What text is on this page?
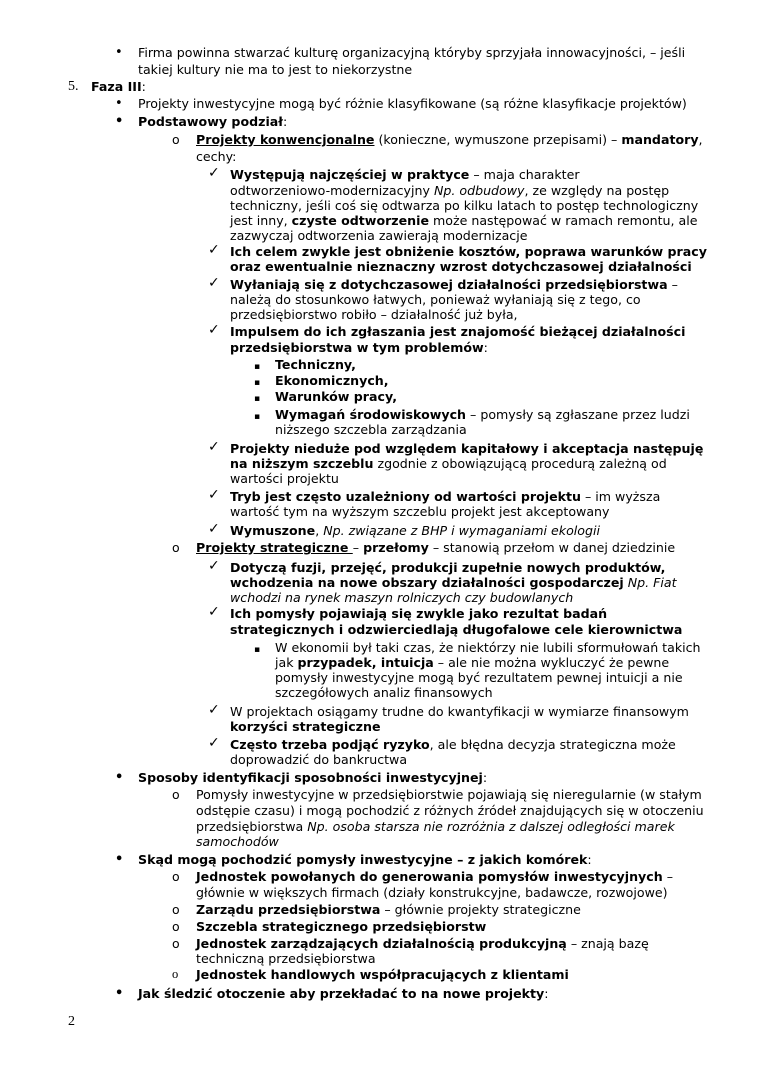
• Firma powinna stwarzać kulturę organizacyjną któryby sprzyjała innowacyjności, – jeśli
takiej kultury nie ma to jest to niekorzystne
5. Faza III:
• Projekty inwestycyjne mogą być różnie klasyfikowane (są różne klasyfikacje projektów)
• Podstawowy podział:
o Projekty konwencjonalne (konieczne, wymuszone przepisami) – mandatory,
cechy:
✓ Występują najczęściej w praktyce – maja charakter
odtworzeniowo-modernizacyjny Np. odbudowy, ze względy na postęp
techniczny, jeśli coś się odtwarza po kilku latach to postęp technologiczny
jest inny, czyste odtworzenie może następować w ramach remontu, ale
zazwyczaj odtworzenia zawierają modernizacje
✓ Ich celem zwykle jest obniżenie kosztów, poprawa warunków pracy
oraz ewentualnie nieznaczny wzrost dotychczasowej działalności
✓ Wyłaniają się z dotychczasowej działalności przedsiębiorstwa –
należą do stosunkowo łatwych, ponieważ wyłaniają się z tego, co
przedsiębiorstwo robiło – działalność już była,
✓ Impulsem do ich zgłaszania jest znajomość bieżącej działalności
przedsiębiorstwa w tym problemów:
▪ Techniczny,
▪ Ekonomicznych,
▪ Warunków pracy,
▪ Wymagań środowiskowych – pomysły są zgłaszane przez ludzi
niższego szczebla zarządzania
✓ Projekty nieduże pod względem kapitałowy i akceptacja następuję
na niższym szczeblu zgodnie z obowiązującą procedurą zależną od
wartości projektu
✓ Tryb jest często uzależniony od wartości projektu – im wyższa
wartość tym na wyższym szczeblu projekt jest akceptowany
✓ Wymuszone, Np. związane z BHP i wymaganiami ekologii
o Projekty strategiczne – przełomy – stanowią przełom w danej dziedzinie
✓ Dotyczą fuzji, przejęć, produkcji zupełnie nowych produktów,
wchodzenia na nowe obszary działalności gospodarczej Np. Fiat
wchodzi na rynek maszyn rolniczych czy budowlanych
✓ Ich pomysły pojawiają się zwykle jako rezultat badań
strategicznych i odzwierciedlają długofalowe cele kierownictwa
▪ W ekonomii był taki czas, że niektórzy nie lubili sformułowań takich
jak przypadek, intuicja – ale nie można wykluczyć że pewne
pomysły inwestycyjne mogą być rezultatem pewnej intuicji a nie
szczegółowych analiz finansowych
✓ W projektach osiągamy trudne do kwantyfikacji w wymiarze finansowym
korzyści strategiczne
✓ Często trzeba podjąć ryzyko, ale błędna decyzja strategiczna może
doprowadzić do bankructwa
• Sposoby identyfikacji sposobności inwestycyjnej:
o Pomysły inwestycyjne w przedsiębiorstwie pojawiają się nieregularnie (w stałym
odstępie czasu) i mogą pochodzić z różnych źródeł znajdujących się w otoczeniu
przedsiębiorstwa Np. osoba starsza nie rozróżnia z dalszej odległości marek
samochodów
• Skąd mogą pochodzić pomysły inwestycyjne – z jakich komórek:
o Jednostek powołanych do generowania pomysłów inwestycyjnych –
głównie w większych firmach (działy konstrukcyjne, badawcze, rozwojowe)
o Zarządu przedsiębiorstwa – głównie projekty strategiczne
o Szczebla strategicznego przedsiębiorstw
o Jednostek zarządzających działalnością produkcyjną – znają bazę
techniczną przedsiębiorstwa
o Jednostek handlowych współpracujących z klientami
• Jak śledzić otoczenie aby przekładać to na nowe projekty:
2
